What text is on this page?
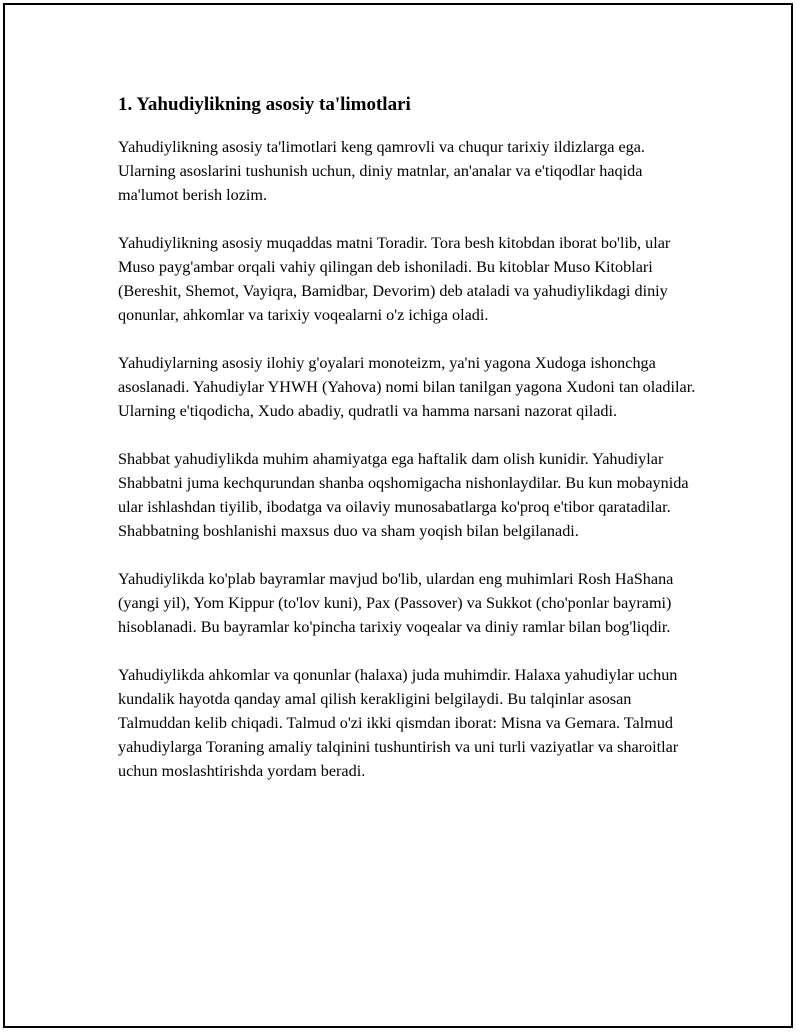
1. Yahudiylikning asosiy ta'limotlari

Yahudiylikning asosiy ta'limotlari keng qamrovli va chuqur tarixiy ildizlarga ega. Ularning asoslarini tushunish uchun, diniy matnlar, an'analar va e'tiqodlar haqida ma'lumot berish lozim.

Yahudiylikning asosiy muqaddas matni Toradir. Tora besh kitobdan iborat bo'lib, ular Muso payg'ambar orqali vahiy qilingan deb ishoniladi. Bu kitoblar Muso Kitoblari (Bereshit, Shemot, Vayiqra, Bamidbar, Devorim) deb ataladi va yahudiylikdagi diniy qonunlar, ahkomlar va tarixiy voqealarni o'z ichiga oladi.

Yahudiylarning asosiy ilohiy g'oyalari monoteizm, ya'ni yagona Xudoga ishonchga asoslanadi. Yahudiylar YHWH (Yahova) nomi bilan tanilgan yagona Xudoni tan oladilar. Ularning e'tiqodicha, Xudo abadiy, qudratli va hamma narsani nazorat qiladi.

Shabbat yahudiylikda muhim ahamiyatga ega haftalik dam olish kunidir. Yahudiylar Shabbatni juma kechqurundan shanba oqshomigacha nishonlaydilar. Bu kun mobaynida ular ishlashdan tiyilib, ibodatga va oilaviy munosabatlarga ko'proq e'tibor qaratadilar. Shabbatning boshlanishi maxsus duo va sham yoqish bilan belgilanadi.

Yahudiylikda ko'plab bayramlar mavjud bo'lib, ulardan eng muhimlari Rosh HaShana (yangi yil), Yom Kippur (to'lov kuni), Pax (Passover) va Sukkot (cho'ponlar bayrami) hisoblanadi. Bu bayramlar ko'pincha tarixiy voqealar va diniy ramlar bilan bog'liqdir.

Yahudiylikda ahkomlar va qonunlar (halaxa) juda muhimdir. Halaxa yahudiylar uchun kundalik hayotda qanday amal qilish kerakligini belgilaydi. Bu talqinlar asosan Talmuddan kelib chiqadi. Talmud o'zi ikki qismdan iborat: Misna va Gemara. Talmud yahudiylarga Toraning amaliy talqinini tushuntirish va uni turli vaziyatlar va sharoitlar uchun moslashtirishda yordam beradi.
